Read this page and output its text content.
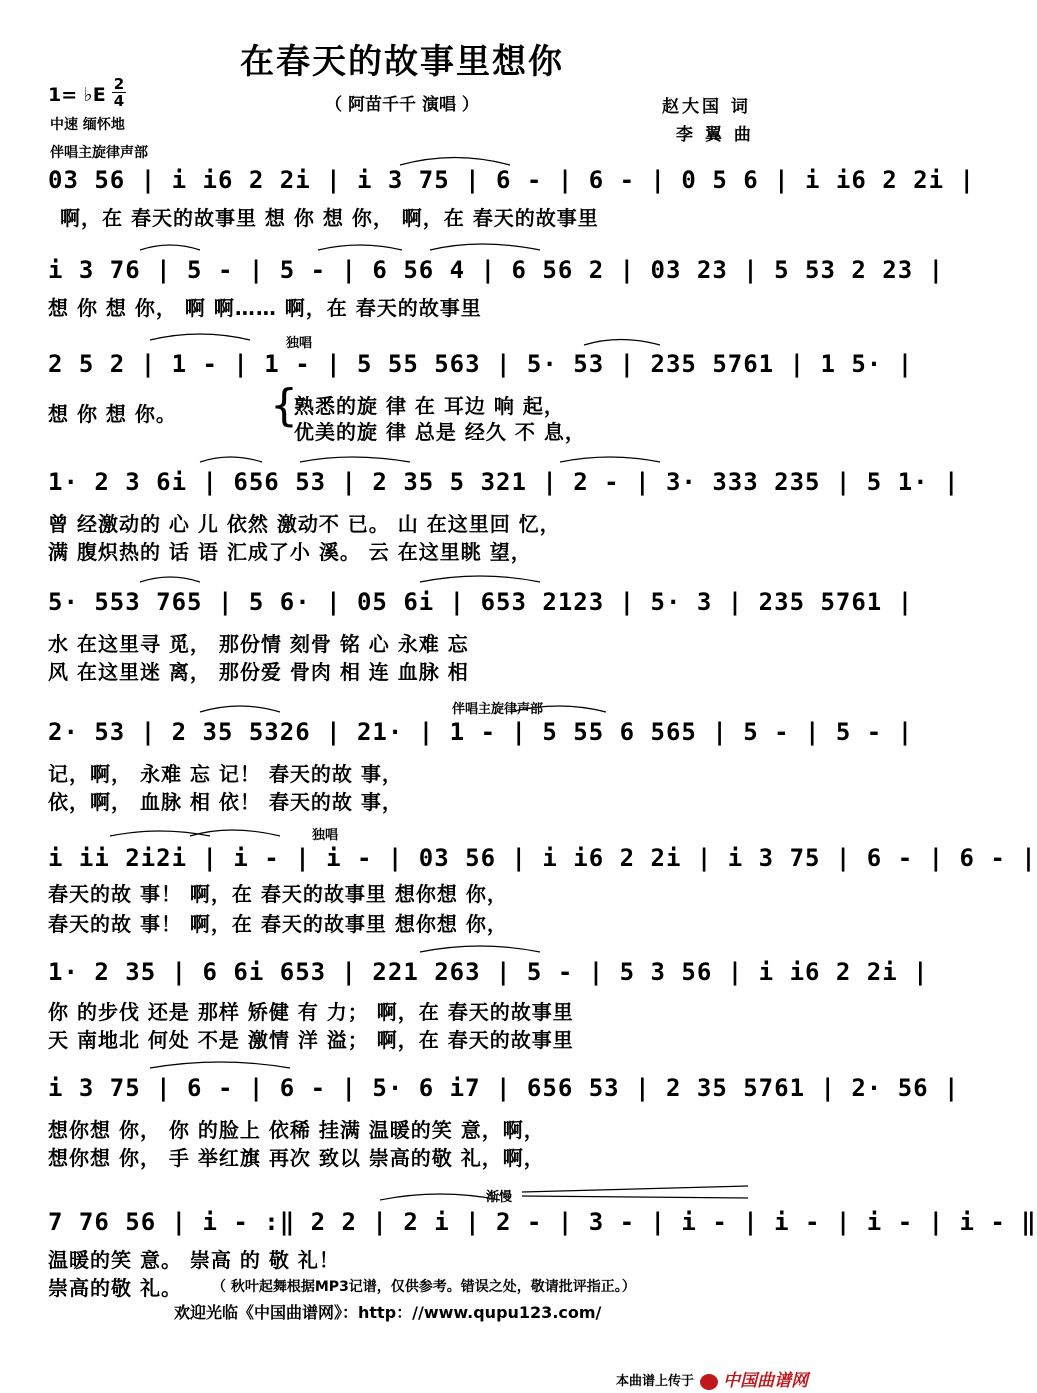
在春天的故事里想你
（ 阿苗千千 演唱 ）	赵大国 词
李 翼 曲
1= ♭E 2
4
中速 缅怀地
伴唱主旋律声部
03 56 | i i6 2 2i | i 3 75 | 6 - | 6 - | 0 5 6 | i i6 2 2i |
啊，在 春天的故事里 想 你 想 你， 啊，在 春天的故事里
i 3 76 | 5 - | 5 - | 6 56 4 | 6 56 2 | 03 23 | 5 53 2 23 |
想 你 想 你， 啊 啊…… 啊，在 春天的故事里
独唱
2 5 2 | 1 - | 1 - | 5 55 563 | 5· 53 | 235 5761 | 1 5· |
想 你 想 你。 {
熟悉的旋 律 在 耳边 响 起，
优美的旋 律 总是 经久 不 息，
1· 2 3 6i | 656 53 | 2 35 5 321 | 2 - | 3· 333 235 | 5 1· |
曾 经激动的 心 儿 依然 激动不 已。 山 在这里回 忆，
满 腹炽热的 话 语 汇成了小 溪。 云 在这里眺 望，
5· 553 765 | 5 6· | 05 6i | 653 2123 | 5· 3 | 235 5761 |
水 在这里寻 觅， 那份情 刻骨 铭 心 永难 忘
风 在这里迷 离， 那份爱 骨肉 相 连 血脉 相
伴唱主旋律声部
2· 53 | 2 35 5326 | 21· | 1 - | 5 55 6 565 | 5 - | 5 - |
记，啊， 永难 忘 记！ 春天的故 事，
依，啊， 血脉 相 依！ 春天的故 事，
独唱
i ii 2i2i | i - | i - | 03 56 | i i6 2 2i | i 3 75 | 6 - | 6 - |
春天的故 事！ 啊，在 春天的故事里 想你想 你，
春天的故 事！ 啊，在 春天的故事里 想你想 你，
1· 2 35 | 6 6i 653 | 221 263 | 5 - | 5 3 56 | i i6 2 2i |
你 的步伐 还是 那样 矫健 有 力； 啊，在 春天的故事里
天 南地北 何处 不是 激情 洋 溢； 啊，在 春天的故事里
i 3 75 | 6 - | 6 - | 5· 6 i7 | 656 53 | 2 35 5761 | 2· 56 |
想你想 你， 你 的脸上 依稀 挂满 温暖的笑 意，啊，
想你想 你， 手 举红旗 再次 致以 崇高的敬 礼，啊，
渐慢
7 76 56 | i - :‖ 2 2 | 2 i | 2 - | 3 - | i - | i - | i - | i - ‖
温暖的笑 意。 崇高 的 敬 礼！
崇高的敬 礼。 （ 秋叶起舞根据MP3记谱，仅供参考。错误之处，敬请批评指正。）
欢迎光临《中国曲谱网》：http：//www.qupu123.com/
本曲谱上传于	中国曲谱网
